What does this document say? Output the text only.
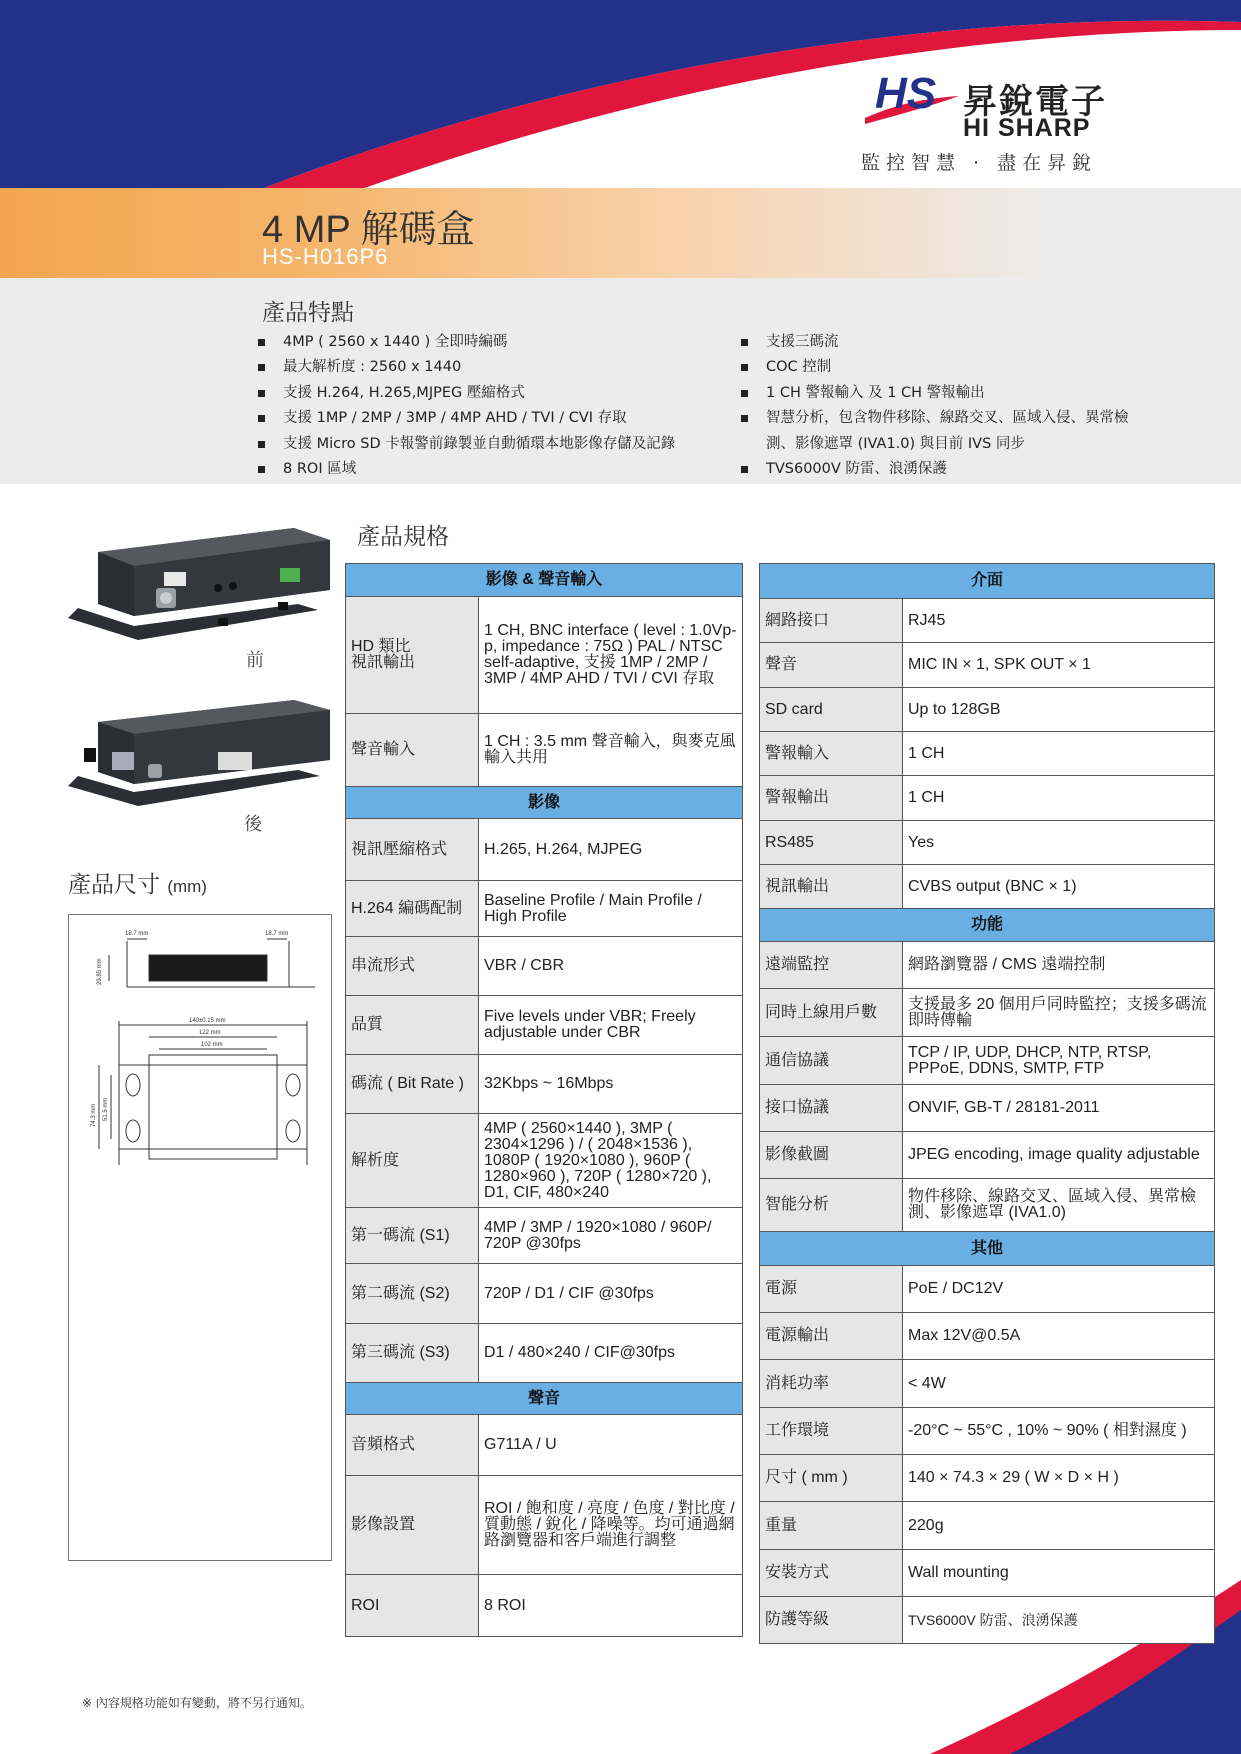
HS 昇銳電子
HI SHARP
監控智慧 · 盡在昇銳
4 MP 解碼盒
HS-H016P6
產品特點
4MP ( 2560 x 1440 ) 全即時編碼
最大解析度 : 2560 x 1440
支援 H.264, H.265,MJPEG 壓縮格式
支援 1MP / 2MP / 3MP / 4MP AHD / TVI / CVI 存取
支援 Micro SD 卡報警前錄製並自動循環本地影像存儲及記錄
8 ROI 區域
支援三碼流
COC 控制
1 CH 警報輸入 及 1 CH 警報輸出
智慧分析，包含物件移除、線路交叉、區域入侵、異常檢
測、影像遮罩 (IVA1.0) 與目前 IVS 同步
TVS6000V 防雷、浪湧保護
前
後
產品尺寸 (mm)
18.7 mm	18.7 mm
29.85 mm
140±0.15 mm
122 mm
102 mm
74.3 mm 51.5 mm
產品規格
影像 & 聲音輸入	
HD 類比
視訊輸出	1 CH, BNC interface ( level : 1.0Vp-p, impedance : 75Ω ) PAL / NTSC self-adaptive, 支援 1MP / 2MP / 3MP / 4MP AHD / TVI / CVI 存取
聲音輸入	1 CH : 3.5 mm 聲音輸入，與麥克風輸入共用
影像	
視訊壓縮格式	H.265, H.264, MJPEG
H.264 編碼配制	Baseline Profile / Main Profile / High Profile
串流形式	VBR / CBR
品質	Five levels under VBR; Freely adjustable under CBR
碼流 ( Bit Rate )	32Kbps ~ 16Mbps
解析度	4MP ( 2560×1440 ), 3MP ( 2304×1296 ) / ( 2048×1536 ), 1080P ( 1920×1080 ), 960P ( 1280×960 ), 720P ( 1280×720 ), D1, CIF, 480×240
第一碼流 (S1)	4MP / 3MP / 1920×1080 / 960P/ 720P @30fps
第二碼流 (S2)	720P / D1 / CIF @30fps
第三碼流 (S3)	D1 / 480×240 / CIF@30fps
聲音	
音頻格式	G711A / U
影像設置	ROI / 飽和度 / 亮度 / 色度 / 對比度 / 質動態 / 銳化 / 降噪等。均可通過網路瀏覽器和客戶端進行調整
ROI	8 ROI
介面	
網路接口	RJ45
聲音	MIC IN × 1, SPK OUT × 1
SD card	Up to 128GB
警報輸入	1 CH
警報輸出	1 CH
RS485	Yes
視訊輸出	CVBS output (BNC × 1)
功能	
遠端監控	網路瀏覽器 / CMS 遠端控制
同時上線用戶數	支援最多 20 個用戶同時監控；支援多碼流即時傳輸
通信協議	TCP / IP, UDP, DHCP, NTP, RTSP, PPPoE, DDNS, SMTP, FTP
接口協議	ONVIF, GB-T / 28181-2011
影像截圖	JPEG encoding, image quality adjustable
智能分析	物件移除、線路交叉、區域入侵、異常檢測、影像遮罩 (IVA1.0)
其他	
電源	PoE / DC12V
電源輸出	Max 12V@0.5A
消耗功率	< 4W
工作環境	-20°C ~ 55°C , 10% ~ 90% ( 相對濕度 )
尺寸 ( mm )	140 × 74.3 × 29 ( W × D × H )
重量	220g
安裝方式	Wall mounting
防護等級	TVS6000V 防雷、浪湧保護
※ 內容規格功能如有變動，將不另行通知。
